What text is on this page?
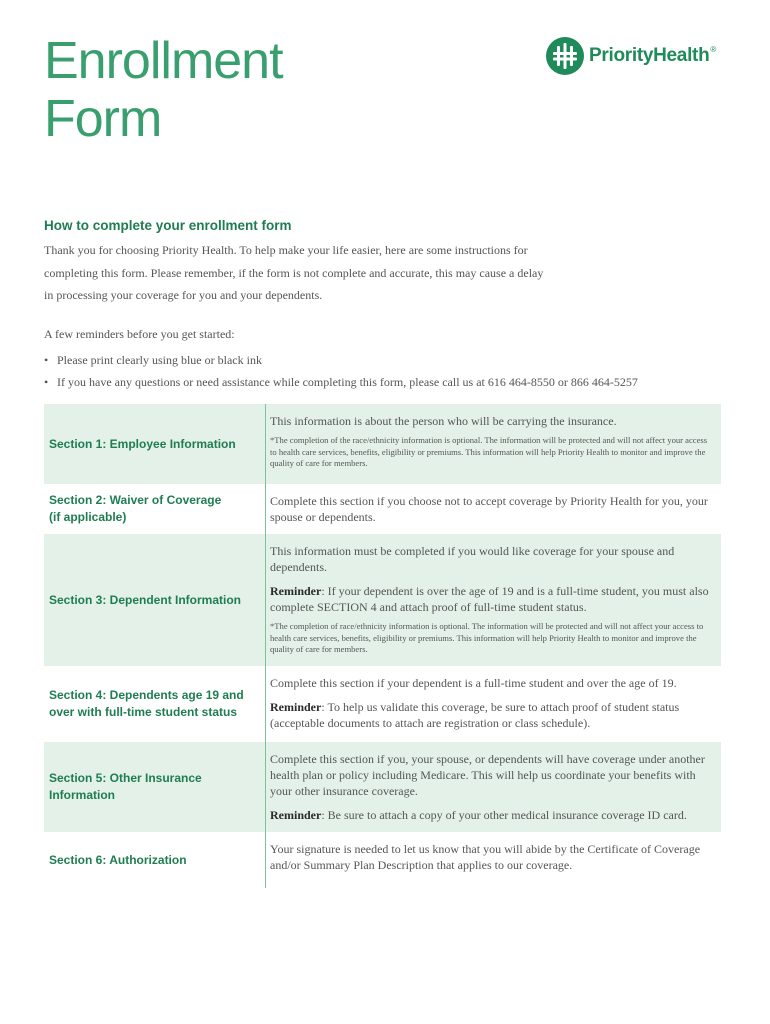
Enrollment
Form
PriorityHealth®
How to complete your enrollment form

Thank you for choosing Priority Health. To help make your life easier, here are some instructions for
completing this form. Please remember, if the form is not complete and accurate, this may cause a delay
in processing your coverage for you and your dependents.

A few reminders before you get started:

• Please print clearly using blue or black ink
• If you have any questions or need assistance while completing this form, please call us at 616 464-8550 or 866 464-5257
Section 1: Employee Information

This information is about the person who will be carrying the insurance.

*The completion of the race/ethnicity information is optional. The information will be protected and will not affect your access to health care services, benefits, eligibility or premiums. This information will help Priority Health to monitor and improve the quality of care for members.

Section 2: Waiver of Coverage
(if applicable)

Complete this section if you choose not to accept coverage by Priority Health for you, your spouse or dependents.

Section 3: Dependent Information

This information must be completed if you would like coverage for your spouse and dependents.

Reminder: If your dependent is over the age of 19 and is a full-time student, you must also complete SECTION 4 and attach proof of full-time student status.

*The completion of race/ethnicity information is optional. The information will be protected and will not affect your access to health care services, benefits, eligibility or premiums. This information will help Priority Health to monitor and improve the quality of care for members.

Section 4: Dependents age 19 and
over with full-time student status

Complete this section if your dependent is a full-time student and over the age of 19.

Reminder: To help us validate this coverage, be sure to attach proof of student status (acceptable documents to attach are registration or class schedule).

Section 5: Other Insurance
Information

Complete this section if you, your spouse, or dependents will have coverage under another health plan or policy including Medicare. This will help us coordinate your benefits with your other insurance coverage.

Reminder: Be sure to attach a copy of your other medical insurance coverage ID card.

Section 6: Authorization

Your signature is needed to let us know that you will abide by the Certificate of Coverage and/or Summary Plan Description that applies to our coverage.
